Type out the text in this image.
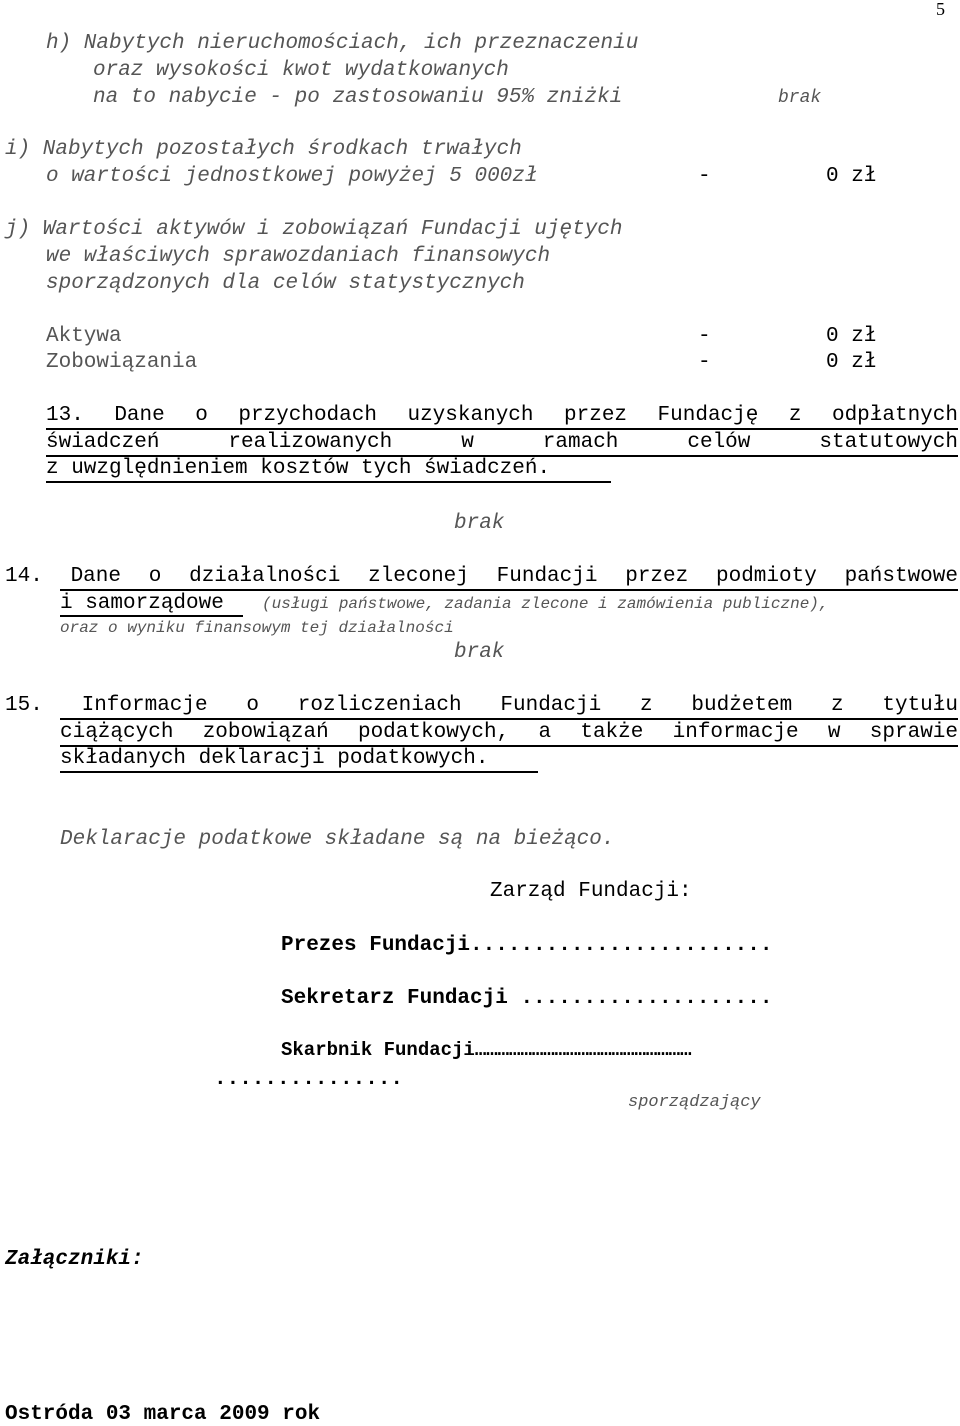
5
h) Nabytych nieruchomościach, ich przeznaczeniu
oraz wysokości kwot wydatkowanych
na to nabycie - po zastosowaniu 95% zniżki	brak
i) Nabytych pozostałych środkach trwałych
o wartości jednostkowej powyżej 5 000zł	-	0 zł
j) Wartości aktywów i zobowiązań Fundacji ujętych
we właściwych sprawozdaniach finansowych
sporządzonych dla celów statystycznych
Aktywa	-	0 zł
Zobowiązania	-	0 zł
13. Dane o przychodach uzyskanych przez Fundację z odpłatnych
świadczeń realizowanych w ramach celów statutowych
z uwzględnieniem kosztów tych świadczeń.
brak
14. Dane o działalności zleconej Fundacji przez podmioty państwowe
i samorządowe (usługi państwowe, zadania zlecone i zamówienia publiczne),
oraz o wyniku finansowym tej działalności
brak
15. Informacje o rozliczeniach Fundacji z budżetem z tytułu
ciążących zobowiązań podatkowych, a także informacje w sprawie
składanych deklaracji podatkowych.
Deklaracje podatkowe składane są na bieżąco.
Zarząd Fundacji:
Prezes Fundacji........................
Sekretarz Fundacji ....................
Skarbnik Fundacji…………………………………………………
...............
sporządzający
Załączniki:
Ostróda 03 marca 2009 rok
